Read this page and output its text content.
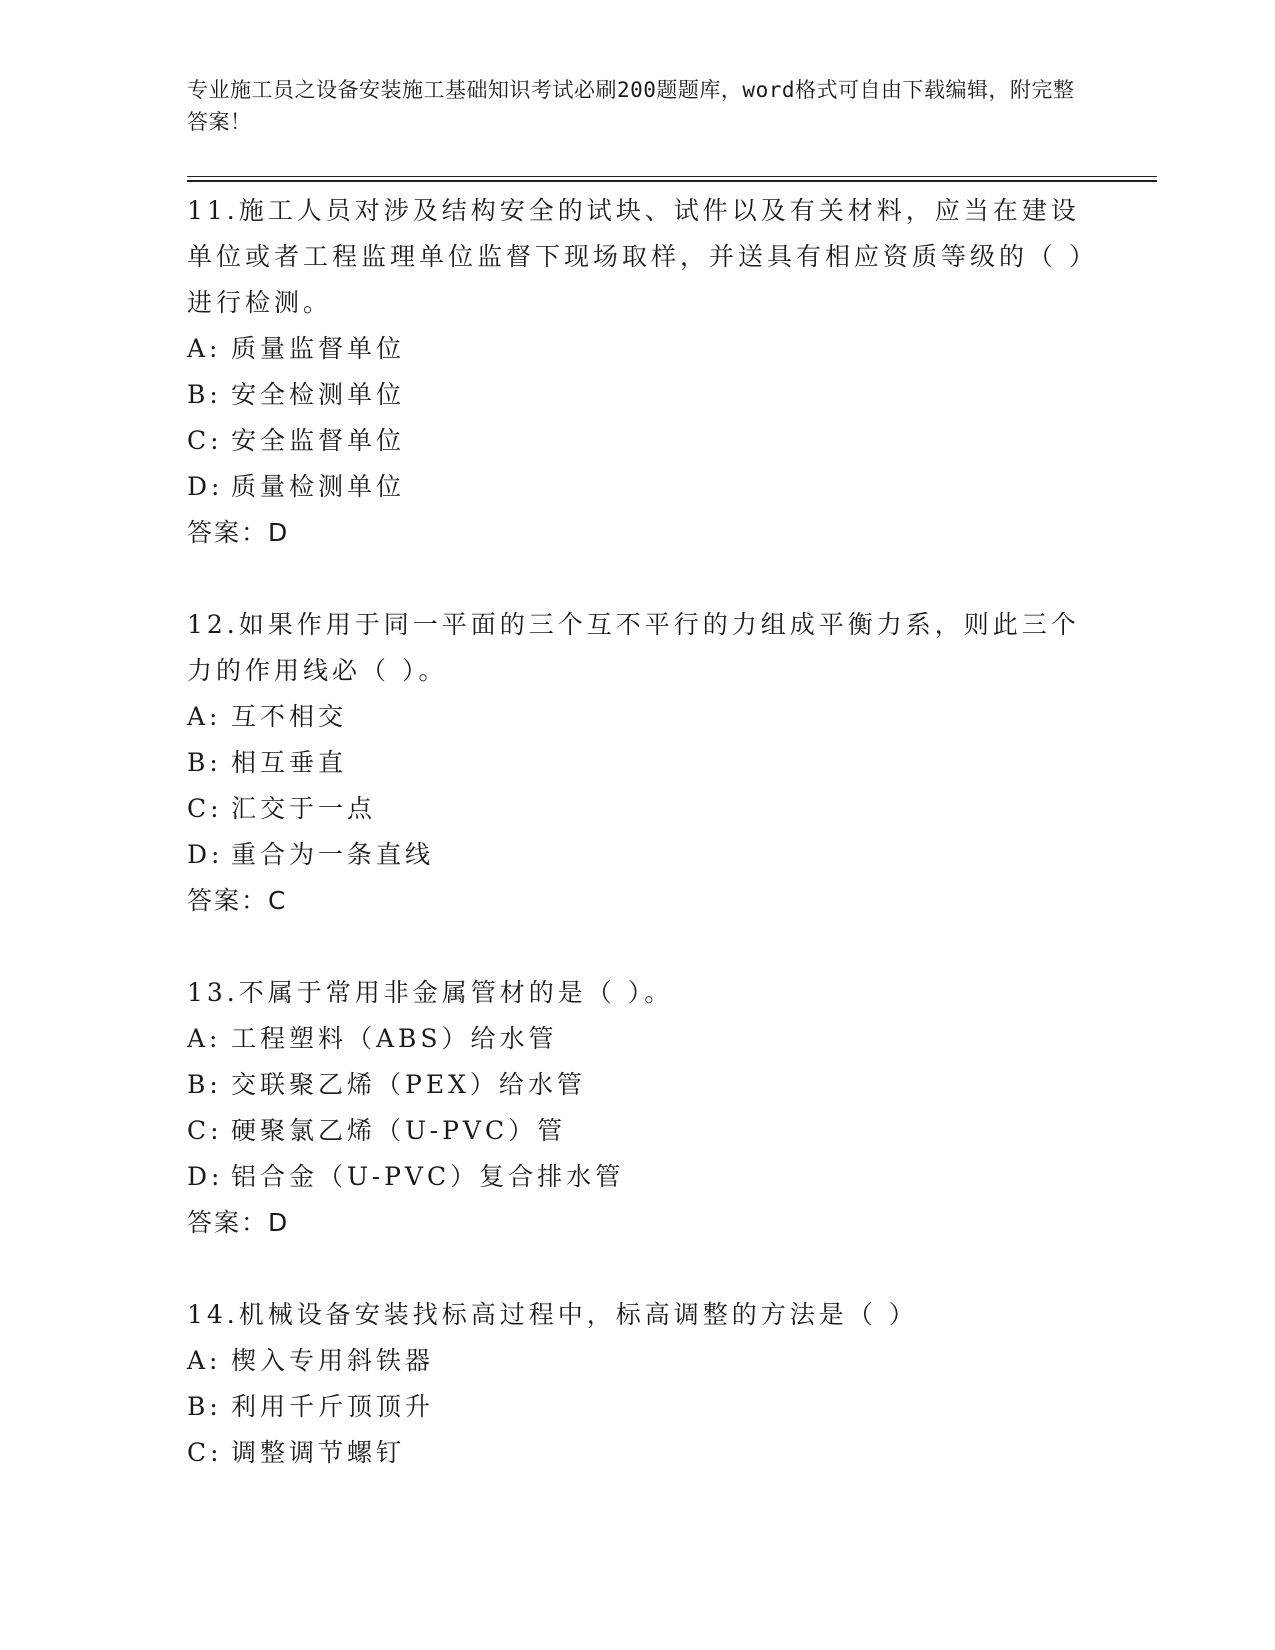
专业施工员之设备安装施工基础知识考试必刷200题题库，word格式可自由下载编辑，附完整答案！
11.施工人员对涉及结构安全的试块、试件以及有关材料，应当在建设单位或者工程监理单位监督下现场取样，并送具有相应资质等级的（ ）进行检测。
A: 质量监督单位
B: 安全检测单位
C: 安全监督单位
D: 质量检测单位
答案：D
12.如果作用于同一平面的三个互不平行的力组成平衡力系，则此三个力的作用线必（ ）。
A: 互不相交
B: 相互垂直
C: 汇交于一点
D: 重合为一条直线
答案：C
13.不属于常用非金属管材的是（ ）。
A: 工程塑料（ABS）给水管
B: 交联聚乙烯（PEX）给水管
C: 硬聚氯乙烯（U-PVC）管
D: 铝合金（U-PVC）复合排水管
答案：D
14.机械设备安装找标高过程中，标高调整的方法是（ ）
A: 楔入专用斜铁器
B: 利用千斤顶顶升
C: 调整调节螺钉
